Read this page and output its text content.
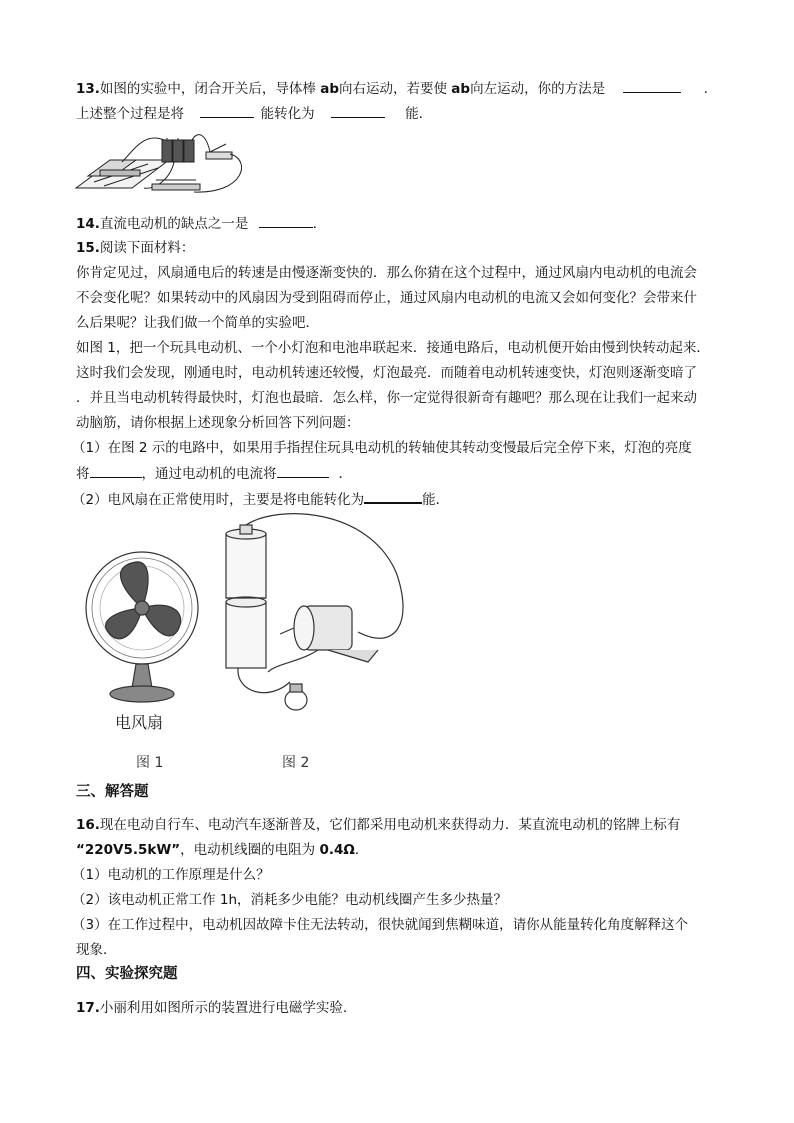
13.如图的实验中，闭合开关后，导体棒 ab向右运动，若要使 ab向左运动，你的方法是	.
上述整个过程是将	能转化为	能．
14.直流电动机的缺点之一是	．
15.阅读下面材料：
你肯定见过，风扇通电后的转速是由慢逐渐变快的．那么你猜在这个过程中，通过风扇内电动机的电流会
不会变化呢？如果转动中的风扇因为受到阻碍而停止，通过风扇内电动机的电流又会如何变化？会带来什
么后果呢？让我们做一个简单的实验吧．
如图 1，把一个玩具电动机、一个小灯泡和电池串联起来．接通电路后，电动机便开始由慢到快转动起来．
这时我们会发现，刚通电时，电动机转速还较慢，灯泡最亮．而随着电动机转速变快，灯泡则逐渐变暗了
．并且当电动机转得最快时，灯泡也最暗．怎么样，你一定觉得很新奇有趣吧？那么现在让我们一起来动
动脑筋，请你根据上述现象分析回答下列问题：
（1）在图 2 示的电路中，如果用手指捏住玩具电动机的转轴使其转动变慢最后完全停下来，灯泡的亮度
将	，通过电动机的电流将	．
（2）电风扇在正常使用时，主要是将电能转化为	能．
电风扇
图 1	图 2
三、解答题
16.现在电动自行车、电动汽车逐渐普及，它们都采用电动机来获得动力．某直流电动机的铭牌上标有
“220V5.5kW”，电动机线圈的电阻为 0.4Ω．
（1）电动机的工作原理是什么？
（2）该电动机正常工作 1h，消耗多少电能？电动机线圈产生多少热量？
（3）在工作过程中，电动机因故障卡住无法转动，很快就闻到焦糊味道，请你从能量转化角度解释这个
现象．
四、实验探究题
17.小丽利用如图所示的装置进行电磁学实验.
